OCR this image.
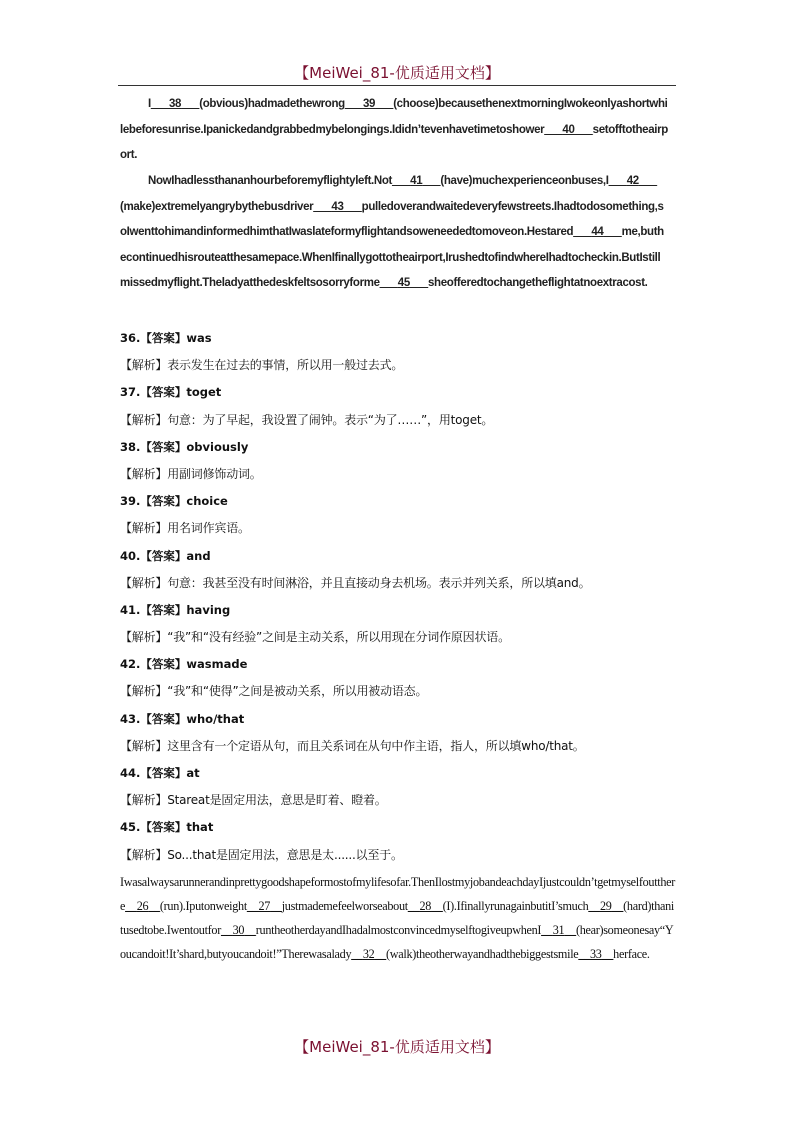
【MeiWei_81-优质适用文档】

I___38___(obvious)hadmadethewrong___39___(choose)becausethenextmorningIwokeonlyashortwhilebeforesunrise.Ipanickedandgrabbedmybelongings.Ididn’tevenhavetimetoshower___40___setofftotheairport.

NowIhadlessthananhourbeforemyflightyleft.Not___41___(have)muchexperienceonbuses,I___42___(make)extremelyangrybythebusdriver___43___pulledoverandwaitedeveryfewstreets.Ihadtodosomething,soIwenttohimandinformedhimthatIwaslateformyflightandsoweneededtomoveon.Hestared___44___me,buthecontinuedhisrouteatthesamepace.WhenIfinallygottotheairport,IrushedtofindwhereIhadtocheckin.ButIstillmissedmyflight.Theladyatthedeskfeltsosorryforme___45___sheofferedtochangetheflightatnoextracost.

36.【答案】was
【解析】表示发生在过去的事情，所以用一般过去式。
37.【答案】toget
【解析】句意：为了早起，我设置了闹钟。表示“为了……”，用toget。
38.【答案】obviously
【解析】用副词修饰动词。
39.【答案】choice
【解析】用名词作宾语。
40.【答案】and
【解析】句意：我甚至没有时间淋浴，并且直接动身去机场。表示并列关系，所以填and。
41.【答案】having
【解析】“我”和“没有经验”之间是主动关系，所以用现在分词作原因状语。
42.【答案】wasmade
【解析】“我”和“使得”之间是被动关系，所以用被动语态。
43.【答案】who/that
【解析】这里含有一个定语从句，而且关系词在从句中作主语，指人，所以填who/that。
44.【答案】at
【解析】Stareat是固定用法，意思是盯着、瞪着。
45.【答案】that
【解析】So...that是固定用法，意思是太......以至于。

Iwasalwaysarunnerandinprettygoodshapeformostofmylifesofar.ThenIlostmyjobandeachdayIjustcouldn’tgetmyselfoutthere__26__(run).Iputonweight__27__justmademefeelworseabout__28__(I).IfinallyrunagainbutitI’smuch__29__(hard)thanitusedtobe.Iwentoutfor__30__runtheotherdayandIhadalmostconvincedmyselftogiveupwhenI__31__(hear)someonesay“Youcandoit!It’shard,butyoucandoit!”Therewasalady__32__(walk)theotherwayandhadthebiggestsmile__33__herface.

【MeiWei_81-优质适用文档】
